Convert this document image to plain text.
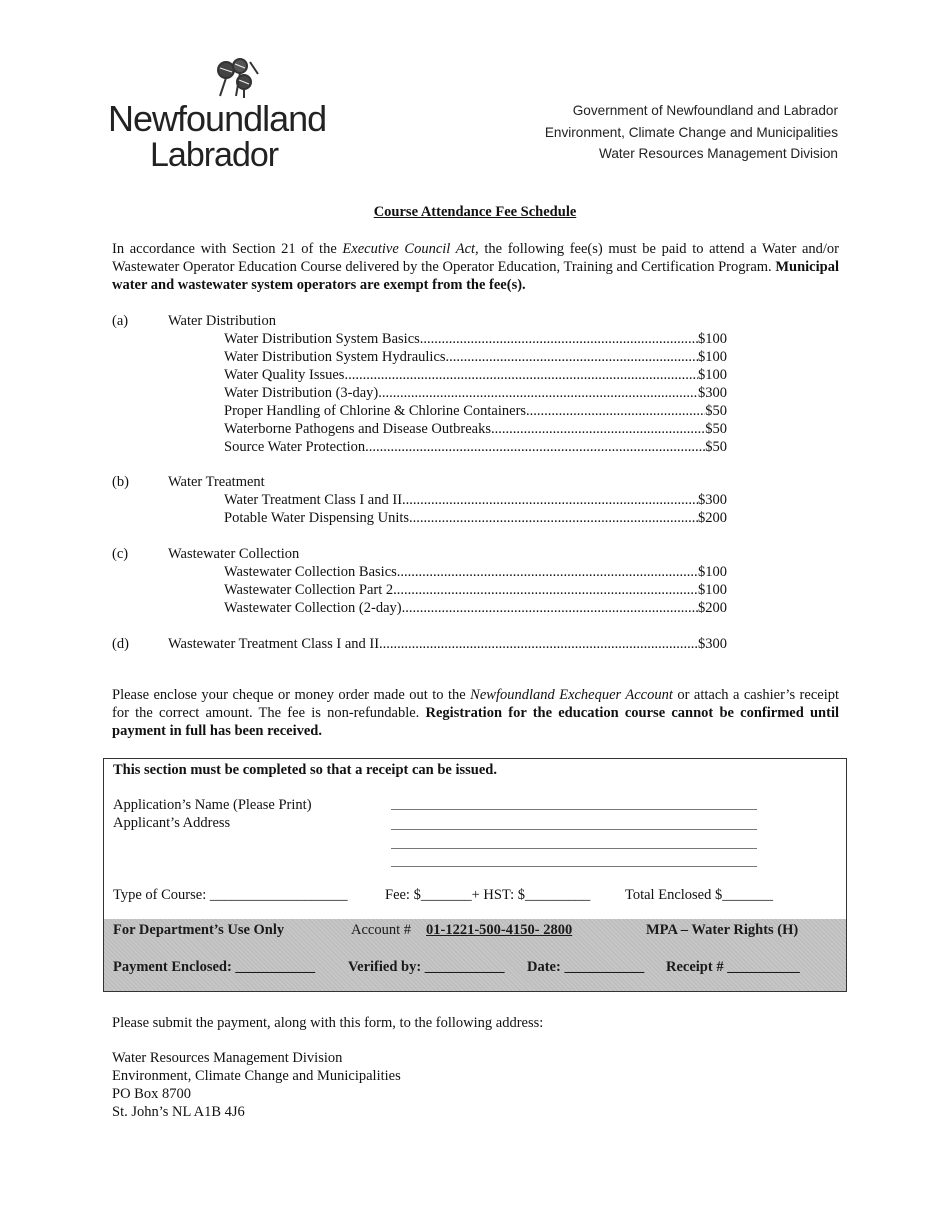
Newfoundland
Labrador
Government of Newfoundland and Labrador
Environment, Climate Change and Municipalities
Water Resources Management Division
Course Attendance Fee Schedule
In accordance with Section 21 of the Executive Council Act, the following fee(s) must be paid to attend a Water and/or Wastewater Operator Education Course delivered by the Operator Education, Training and Certification Program. Municipal water and wastewater system operators are exempt from the fee(s).
(a)	Water Distribution
Water Distribution System Basics .....	$100
Water Distribution System Hydraulics .....	$100
Water Quality Issues .....	$100
Water Distribution (3-day) .....	$300
Proper Handling of Chlorine & Chlorine Containers .....	$50
Waterborne Pathogens and Disease Outbreaks .....	$50
Source Water Protection .....	$50
(b)	Water Treatment
Water Treatment Class I and II .....	$300
Potable Water Dispensing Units .....	$200
(c)	Wastewater Collection
Wastewater Collection Basics .....	$100
Wastewater Collection Part 2 .....	$100
Wastewater Collection (2-day) .....	$200
(d)	Wastewater Treatment Class I and II .....	$300
Please enclose your cheque or money order made out to the Newfoundland Exchequer Account or attach a cashier’s receipt for the correct amount. The fee is non-refundable. Registration for the education course cannot be confirmed until payment in full has been received.
This section must be completed so that a receipt can be issued.
Application’s Name (Please Print)
Applicant’s Address
Type of Course: ___________________	Fee: $_______+ HST: $_________ Total Enclosed $_______
For Department’s Use Only	Account # 01-1221-500-4150- 2800	MPA – Water Rights (H)
Payment Enclosed: ___________ Verified by: ___________ Date: ___________ Receipt # __________
Please submit the payment, along with this form, to the following address:
Water Resources Management Division
Environment, Climate Change and Municipalities
PO Box 8700
St. John’s NL A1B 4J6
